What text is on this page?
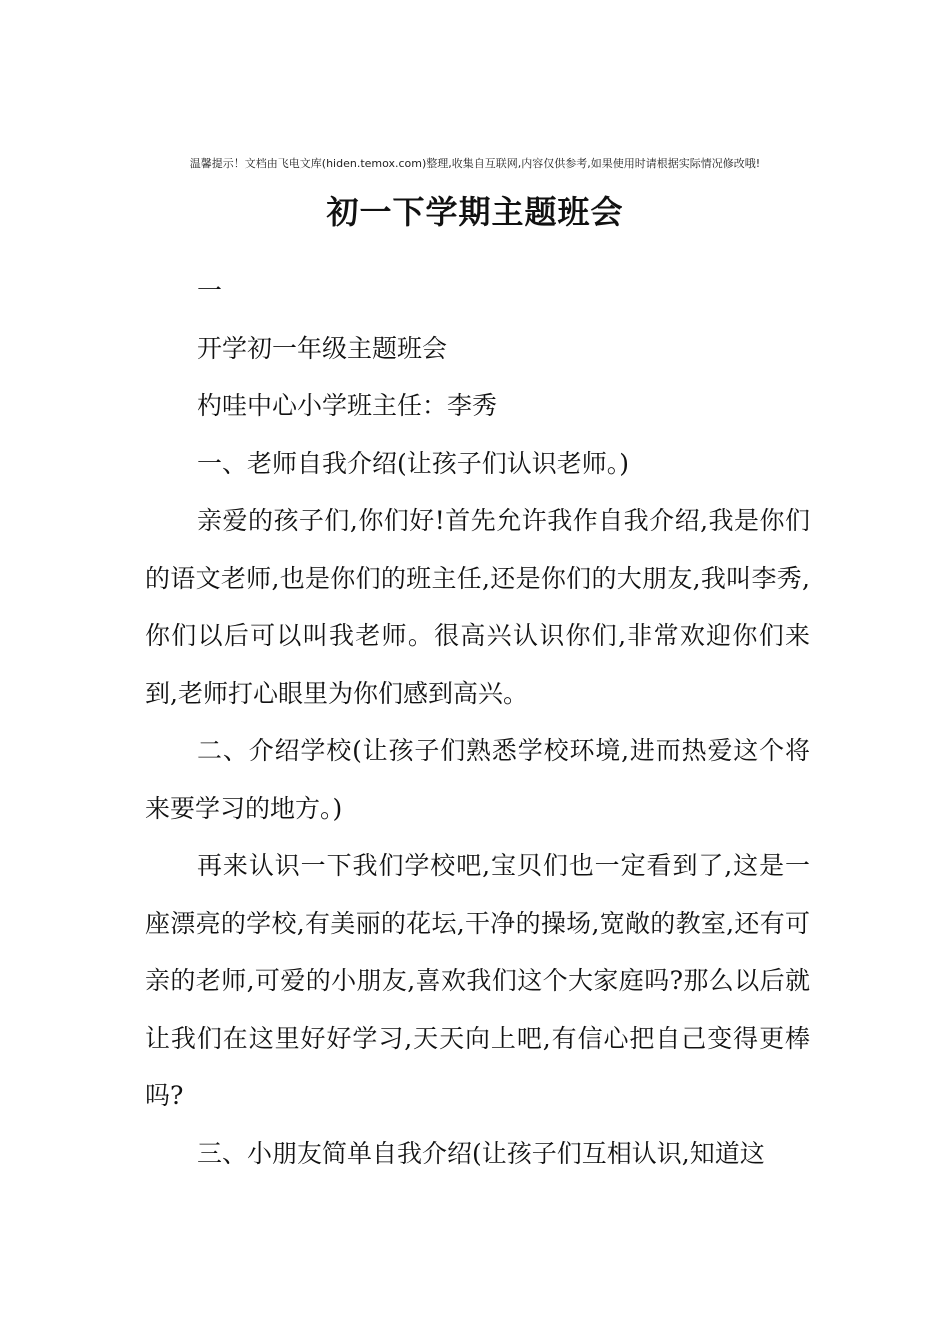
温馨提示！文档由飞电文库(hiden.temox.com)整理,收集自互联网,内容仅供参考,如果使用时请根据实际情况修改哦!
初一下学期主题班会

一

开学初一年级主题班会

杓哇中心小学班主任：李秀

一、老师自我介绍(让孩子们认识老师。)

亲爱的孩子们,你们好!首先允许我作自我介绍,我是你们的语文老师,也是你们的班主任,还是你们的大朋友,我叫李秀,你们以后可以叫我老师。很高兴认识你们,非常欢迎你们来到,老师打心眼里为你们感到高兴。

二、介绍学校(让孩子们熟悉学校环境,进而热爱这个将来要学习的地方。)

再来认识一下我们学校吧,宝贝们也一定看到了,这是一座漂亮的学校,有美丽的花坛,干净的操场,宽敞的教室,还有可亲的老师,可爱的小朋友,喜欢我们这个大家庭吗?那么以后就让我们在这里好好学习,天天向上吧,有信心把自己变得更棒吗?

三、小朋友简单自我介绍(让孩子们互相认识,知道这
